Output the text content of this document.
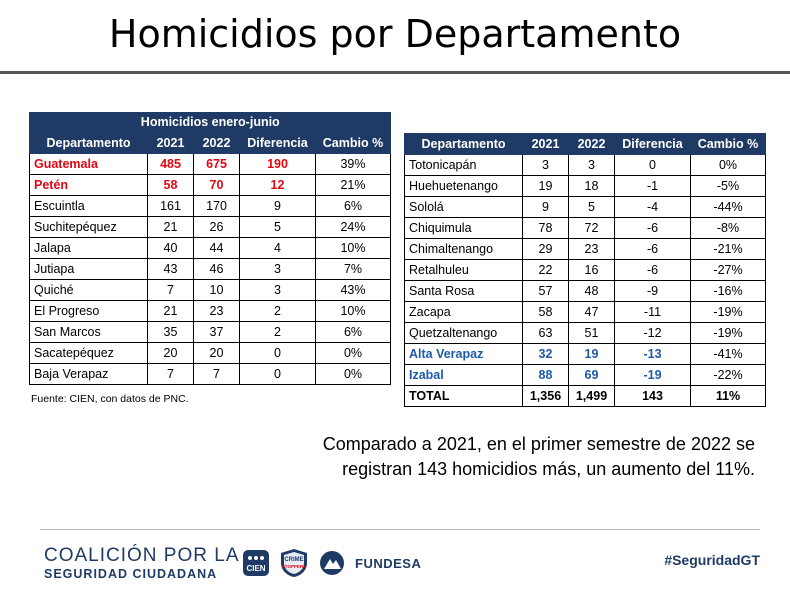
Homicidios por Departamento
Homicidios enero-junio				
Departamento	2021	2022	Diferencia	Cambio %
Guatemala	485	675	190	39%
Petén	58	70	12	21%
Escuintla	161	170	9	6%
Suchitepéquez	21	26	5	24%
Jalapa	40	44	4	10%
Jutiapa	43	46	3	7%
Quiché	7	10	3	43%
El Progreso	21	23	2	10%
San Marcos	35	37	2	6%
Sacatepéquez	20	20	0	0%
Baja Verapaz	7	7	0	0%
Departamento	2021	2022	Diferencia	Cambio %
Totonicapán	3	3	0	0%
Huehuetenango	19	18	-1	-5%
Sololá	9	5	-4	-44%
Chiquimula	78	72	-6	-8%
Chimaltenango	29	23	-6	-21%
Retalhuleu	22	16	-6	-27%
Santa Rosa	57	48	-9	-16%
Zacapa	58	47	-11	-19%
Quetzaltenango	63	51	-12	-19%
Alta Verapaz	32	19	-13	-41%
Izabal	88	69	-19	-22%
TOTAL	1,356	1,499	143	11%
Fuente: CIEN, con datos de PNC.
Comparado a 2021, en el primer semestre de 2022 se
registran 143 homicidios más, un aumento del 11%.
COALICIÓN POR LA
SEGURIDAD CIUDADANA	CIEN
CRIME
STOPPERS	FUNDESA	#SeguridadGT
